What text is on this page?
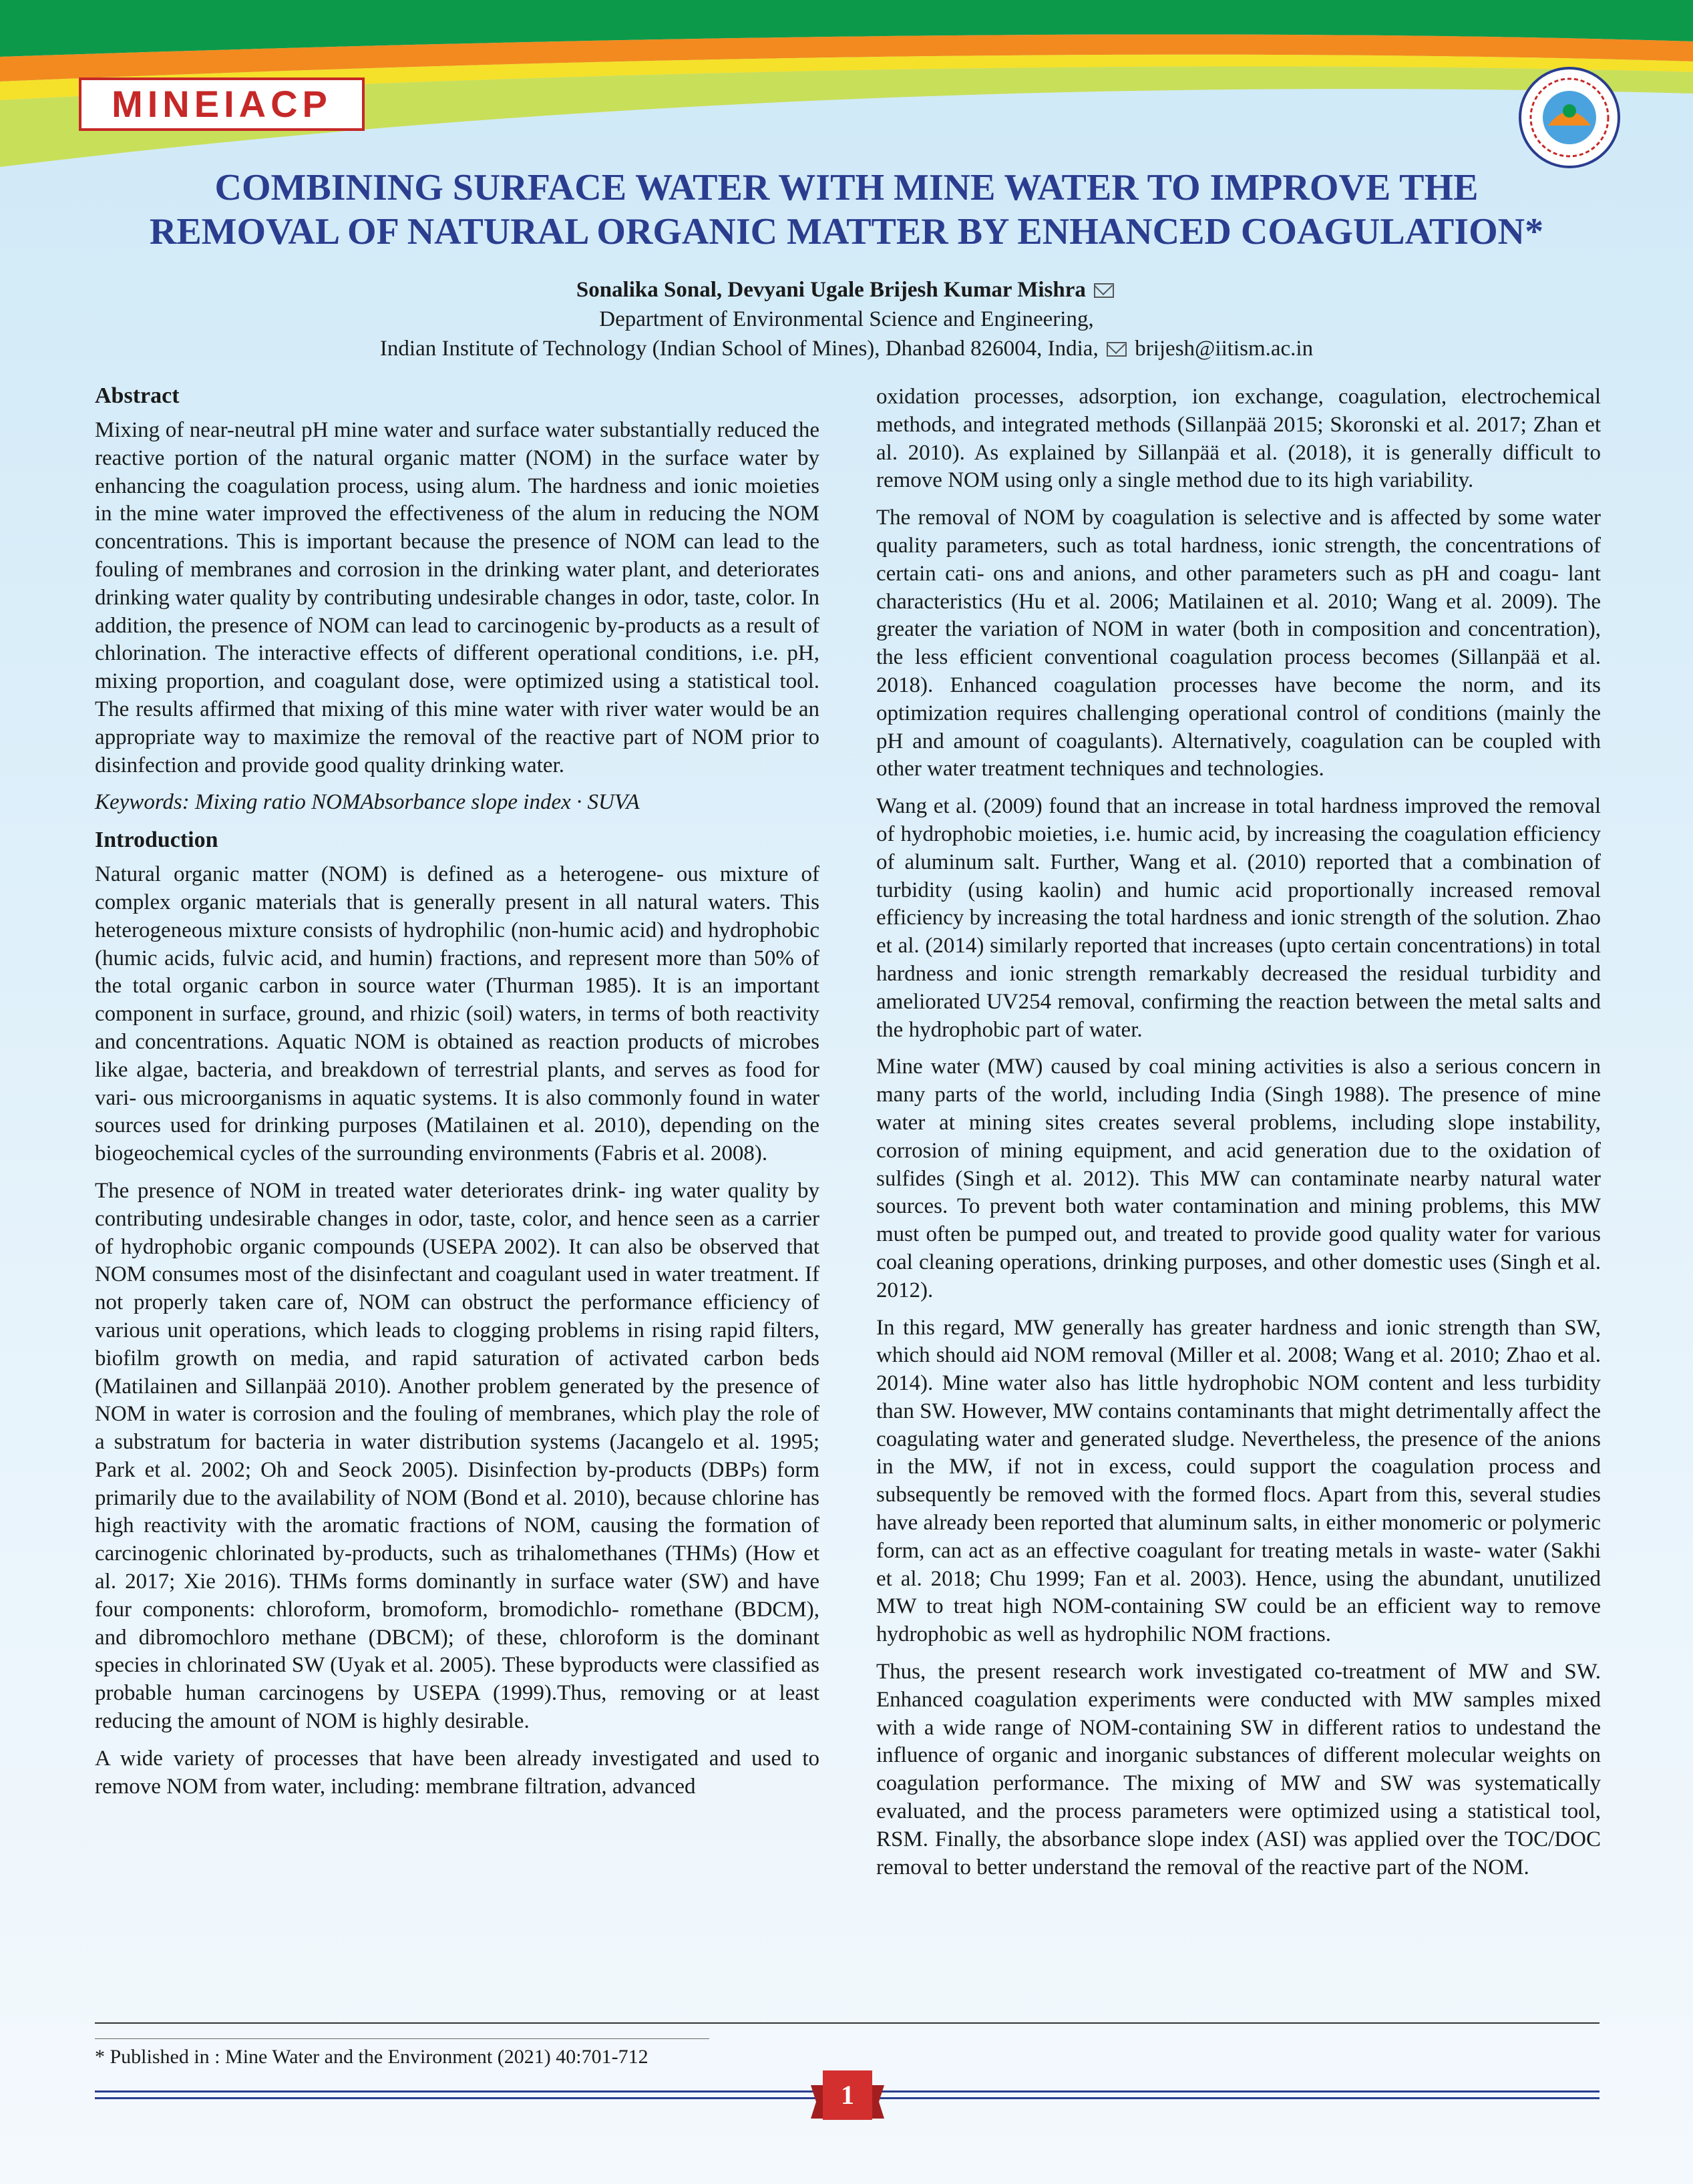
MINEIACP
COMBINING SURFACE WATER WITH MINE WATER TO IMPROVE THE
REMOVAL OF NATURAL ORGANIC MATTER BY ENHANCED COAGULATION*
Sonalika Sonal, Devyani Ugale Brijesh Kumar Mishra
Department of Environmental Science and Engineering,
Indian Institute of Technology (Indian School of Mines), Dhanbad 826004, India, brijesh@iitism.ac.in
Abstract

Mixing of near-neutral pH mine water and surface water substantially reduced the reactive portion of the natural organic matter (NOM) in the surface water by enhancing the coagulation process, using alum. The hardness and ionic moieties in the mine water improved the effectiveness of the alum in reducing the NOM concentrations. This is important because the presence of NOM can lead to the fouling of membranes and corrosion in the drinking water plant, and deteriorates drinking water quality by contributing undesirable changes in odor, taste, color. In addition, the presence of NOM can lead to carcinogenic by-products as a result of chlorination. The interactive effects of different operational conditions, i.e. pH, mixing proportion, and coagulant dose, were optimized using a statistical tool. The results affirmed that mixing of this mine water with river water would be an appropriate way to maximize the removal of the reactive part of NOM prior to disinfection and provide good quality drinking water.

Keywords: Mixing ratio NOMAbsorbance slope index · SUVA

Introduction

Natural organic matter (NOM) is defined as a heterogene- ous mixture of complex organic materials that is generally present in all natural waters. This heterogeneous mixture consists of hydrophilic (non-humic acid) and hydrophobic (humic acids, fulvic acid, and humin) fractions, and represent more than 50% of the total organic carbon in source water (Thurman 1985). It is an important component in surface, ground, and rhizic (soil) waters, in terms of both reactivity and concentrations. Aquatic NOM is obtained as reaction products of microbes like algae, bacteria, and breakdown of terrestrial plants, and serves as food for vari- ous microorganisms in aquatic systems. It is also commonly found in water sources used for drinking purposes (Matilainen et al. 2010), depending on the biogeochemical cycles of the surrounding environments (Fabris et al. 2008).

The presence of NOM in treated water deteriorates drink- ing water quality by contributing undesirable changes in odor, taste, color, and hence seen as a carrier of hydrophobic organic compounds (USEPA 2002). It can also be observed that NOM consumes most of the disinfectant and coagulant used in water treatment. If not properly taken care of, NOM can obstruct the performance efficiency of various unit operations, which leads to clogging problems in rising rapid filters, biofilm growth on media, and rapid saturation of activated carbon beds (Matilainen and Sillanpää 2010). Another problem generated by the presence of NOM in water is corrosion and the fouling of membranes, which play the role of a substratum for bacteria in water distribution systems (Jacangelo et al. 1995; Park et al. 2002; Oh and Seock 2005). Disinfection by-products (DBPs) form primarily due to the availability of NOM (Bond et al. 2010), because chlorine has high reactivity with the aromatic fractions of NOM, causing the formation of carcinogenic chlorinated by-products, such as trihalomethanes (THMs) (How et al. 2017; Xie 2016). THMs forms dominantly in surface water (SW) and have four components: chloroform, bromoform, bromodichlo- romethane (BDCM), and dibromochloro methane (DBCM); of these, chloroform is the dominant species in chlorinated SW (Uyak et al. 2005). These byproducts were classified as probable human carcinogens by USEPA (1999).Thus, removing or at least reducing the amount of NOM is highly desirable.

A wide variety of processes that have been already investigated and used to remove NOM from water, including: membrane filtration, advanced

oxidation processes, adsorption, ion exchange, coagulation, electrochemical methods, and integrated methods (Sillanpää 2015; Skoronski et al. 2017; Zhan et al. 2010). As explained by Sillanpää et al. (2018), it is generally difficult to remove NOM using only a single method due to its high variability.

The removal of NOM by coagulation is selective and is affected by some water quality parameters, such as total hardness, ionic strength, the concentrations of certain cati- ons and anions, and other parameters such as pH and coagu- lant characteristics (Hu et al. 2006; Matilainen et al. 2010; Wang et al. 2009). The greater the variation of NOM in water (both in composition and concentration), the less efficient conventional coagulation process becomes (Sillanpää et al. 2018). Enhanced coagulation processes have become the norm, and its optimization requires challenging operational control of conditions (mainly the pH and amount of coagulants). Alternatively, coagulation can be coupled with other water treatment techniques and technologies.

Wang et al. (2009) found that an increase in total hardness improved the removal of hydrophobic moieties, i.e. humic acid, by increasing the coagulation efficiency of aluminum salt. Further, Wang et al. (2010) reported that a combination of turbidity (using kaolin) and humic acid proportionally increased removal efficiency by increasing the total hardness and ionic strength of the solution. Zhao et al. (2014) similarly reported that increases (upto certain concentrations) in total hardness and ionic strength remarkably decreased the residual turbidity and ameliorated UV254 removal, confirming the reaction between the metal salts and the hydrophobic part of water.

Mine water (MW) caused by coal mining activities is also a serious concern in many parts of the world, including India (Singh 1988). The presence of mine water at mining sites creates several problems, including slope instability, corrosion of mining equipment, and acid generation due to the oxidation of sulfides (Singh et al. 2012). This MW can contaminate nearby natural water sources. To prevent both water contamination and mining problems, this MW must often be pumped out, and treated to provide good quality water for various coal cleaning operations, drinking purposes, and other domestic uses (Singh et al. 2012).

In this regard, MW generally has greater hardness and ionic strength than SW, which should aid NOM removal (Miller et al. 2008; Wang et al. 2010; Zhao et al. 2014). Mine water also has little hydrophobic NOM content and less turbidity than SW. However, MW contains contaminants that might detrimentally affect the coagulating water and generated sludge. Nevertheless, the presence of the anions in the MW, if not in excess, could support the coagulation process and subsequently be removed with the formed flocs. Apart from this, several studies have already been reported that aluminum salts, in either monomeric or polymeric form, can act as an effective coagulant for treating metals in waste- water (Sakhi et al. 2018; Chu 1999; Fan et al. 2003). Hence, using the abundant, unutilized MW to treat high NOM-containing SW could be an efficient way to remove hydrophobic as well as hydrophilic NOM fractions.

Thus, the present research work investigated co-treatment of MW and SW. Enhanced coagulation experiments were conducted with MW samples mixed with a wide range of NOM-containing SW in different ratios to undestand the influence of organic and inorganic substances of different molecular weights on coagulation performance. The mixing of MW and SW was systematically evaluated, and the process parameters were optimized using a statistical tool, RSM. Finally, the absorbance slope index (ASI) was applied over the TOC/DOC removal to better understand the removal of the reactive part of the NOM.

* Published in : Mine Water and the Environment (2021) 40:701-712
1
